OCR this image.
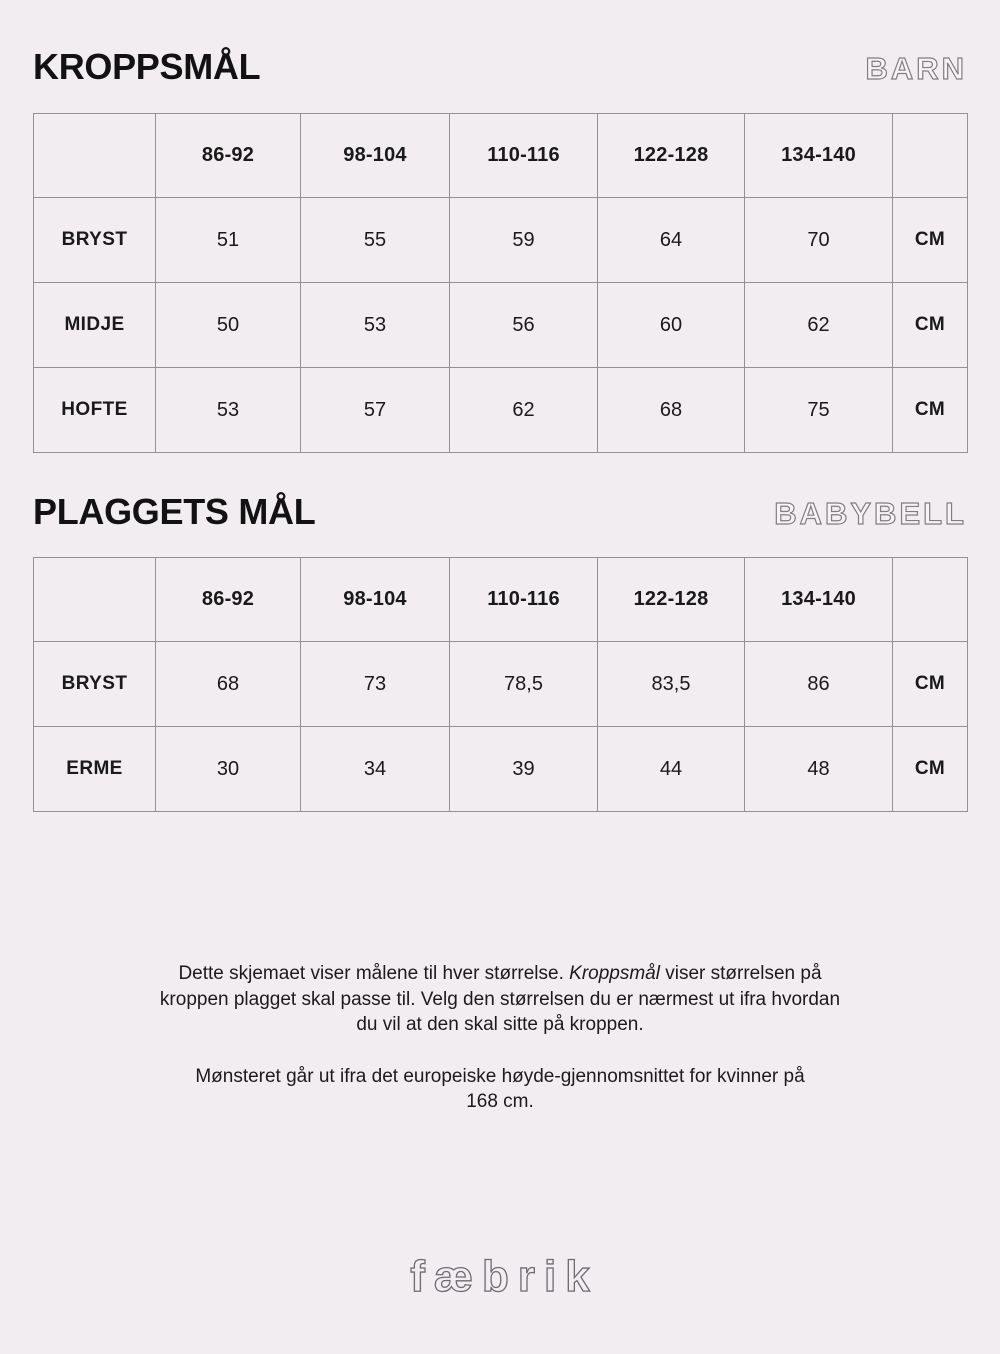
KROPPSMÅL	BARN
	86-92	98-104	110-116	122-128	134-140	
BRYST	51	55	59	64	70	CM
MIDJE	50	53	56	60	62	CM
HOFTE	53	57	62	68	75	CM
PLAGGETS MÅL	BABYBELL
	86-92	98-104	110-116	122-128	134-140	
BRYST	68	73	78,5	83,5	86	CM
ERME	30	34	39	44	48	CM

Dette skjemaet viser målene til hver størrelse. Kroppsmål viser størrelsen på kroppen plagget skal passe til. Velg den størrelsen du er nærmest ut ifra hvordan du vil at den skal sitte på kroppen.

Mønsteret går ut ifra det europeiske høyde-gjennomsnittet for kvinner på 168 cm.

fæbrik
